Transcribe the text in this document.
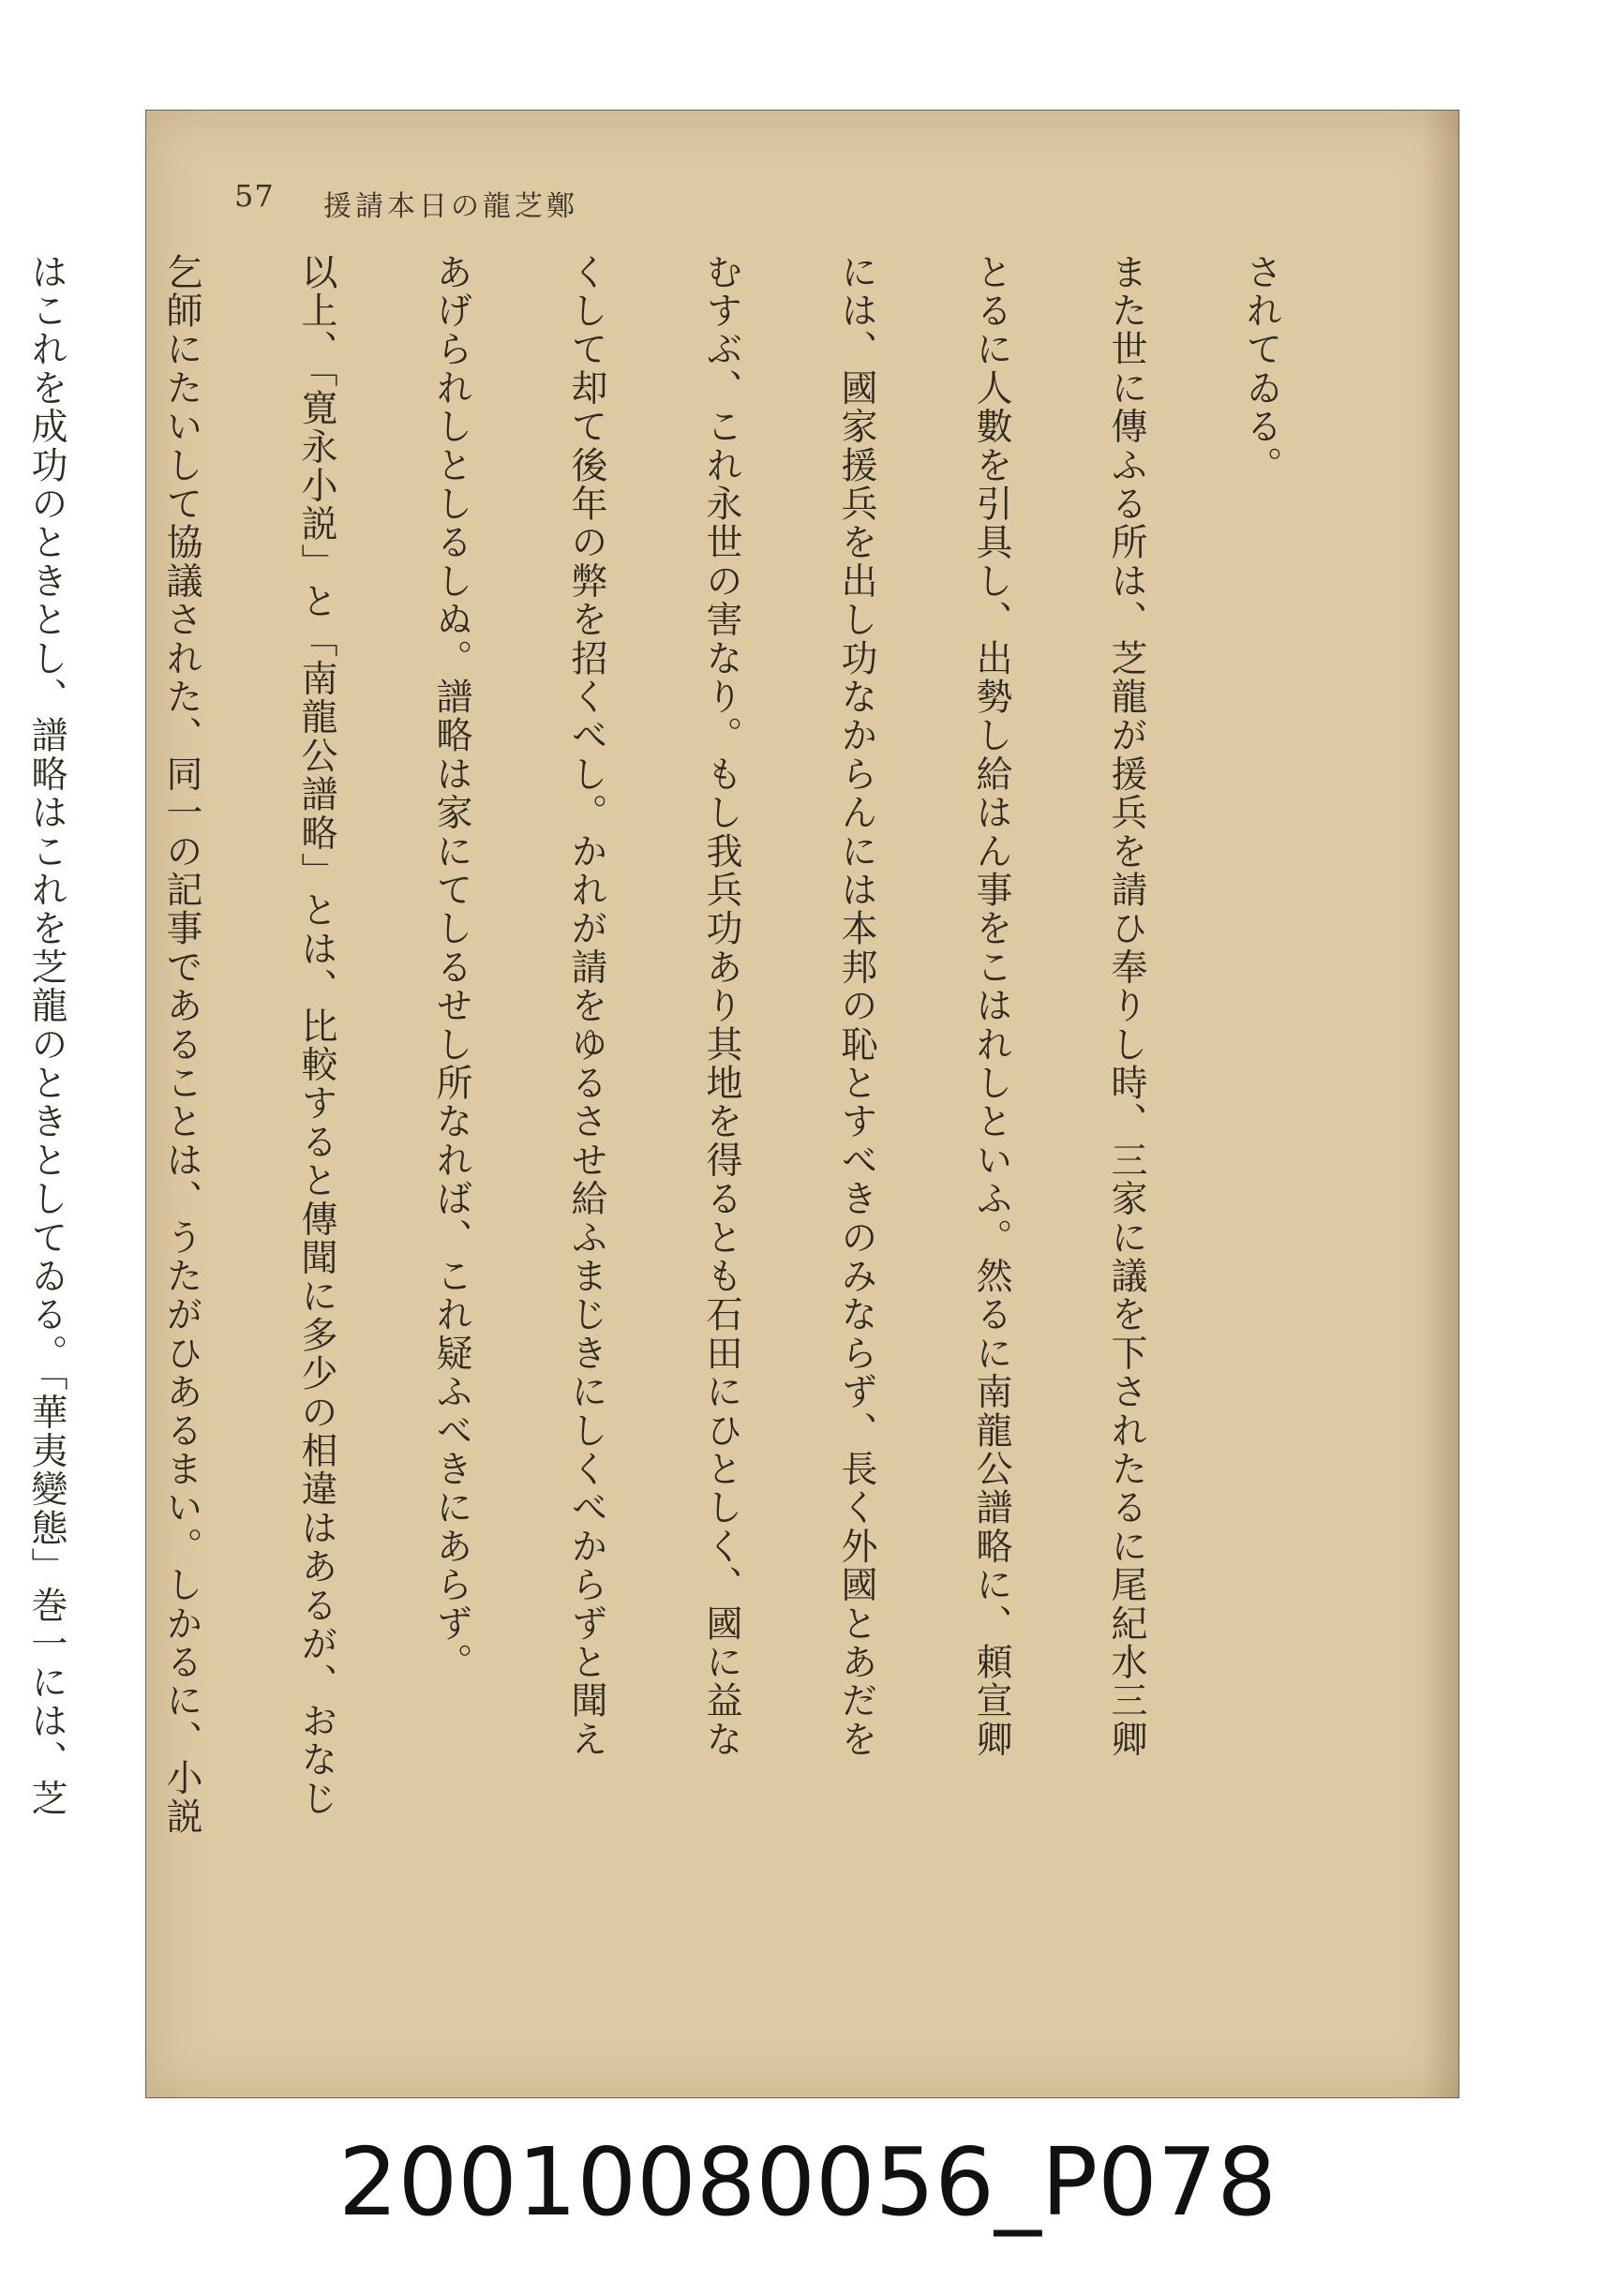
57 鄭芝龍の日本請援

されてゐる。

また世に傳ふる所は、芝龍が援兵を請ひ奉りし時、三家に議を下されたるに尾紀水三卿

とるに人數を引具し、出勢し給はん事をこはれしといふ。然るに南龍公譜略に、頼宣卿

には、國家援兵を出し功なからんには本邦の恥とすべきのみならず、長く外國とあだを

むすぶ、これ永世の害なり。もし我兵功あり其地を得るとも石田にひとしく、國に益な

くして却て後年の弊を招くべし。かれが請をゆるさせ給ふまじきにしくべからずと聞え

あげられしとしるしぬ。譜略は家にてしるせし所なれば、これ疑ふべきにあらず。

以上、「寛永小説」と「南龍公譜略」とは、比較すると傳聞に多少の相違はあるが、おなじ

乞師にたいして協議された、同一の記事であることは、うたがひあるまい。しかるに、小説

はこれを成功のときとし、譜略はこれを芝龍のときとしてゐる。「華夷變態」巻一には、芝

20010080056_P078
